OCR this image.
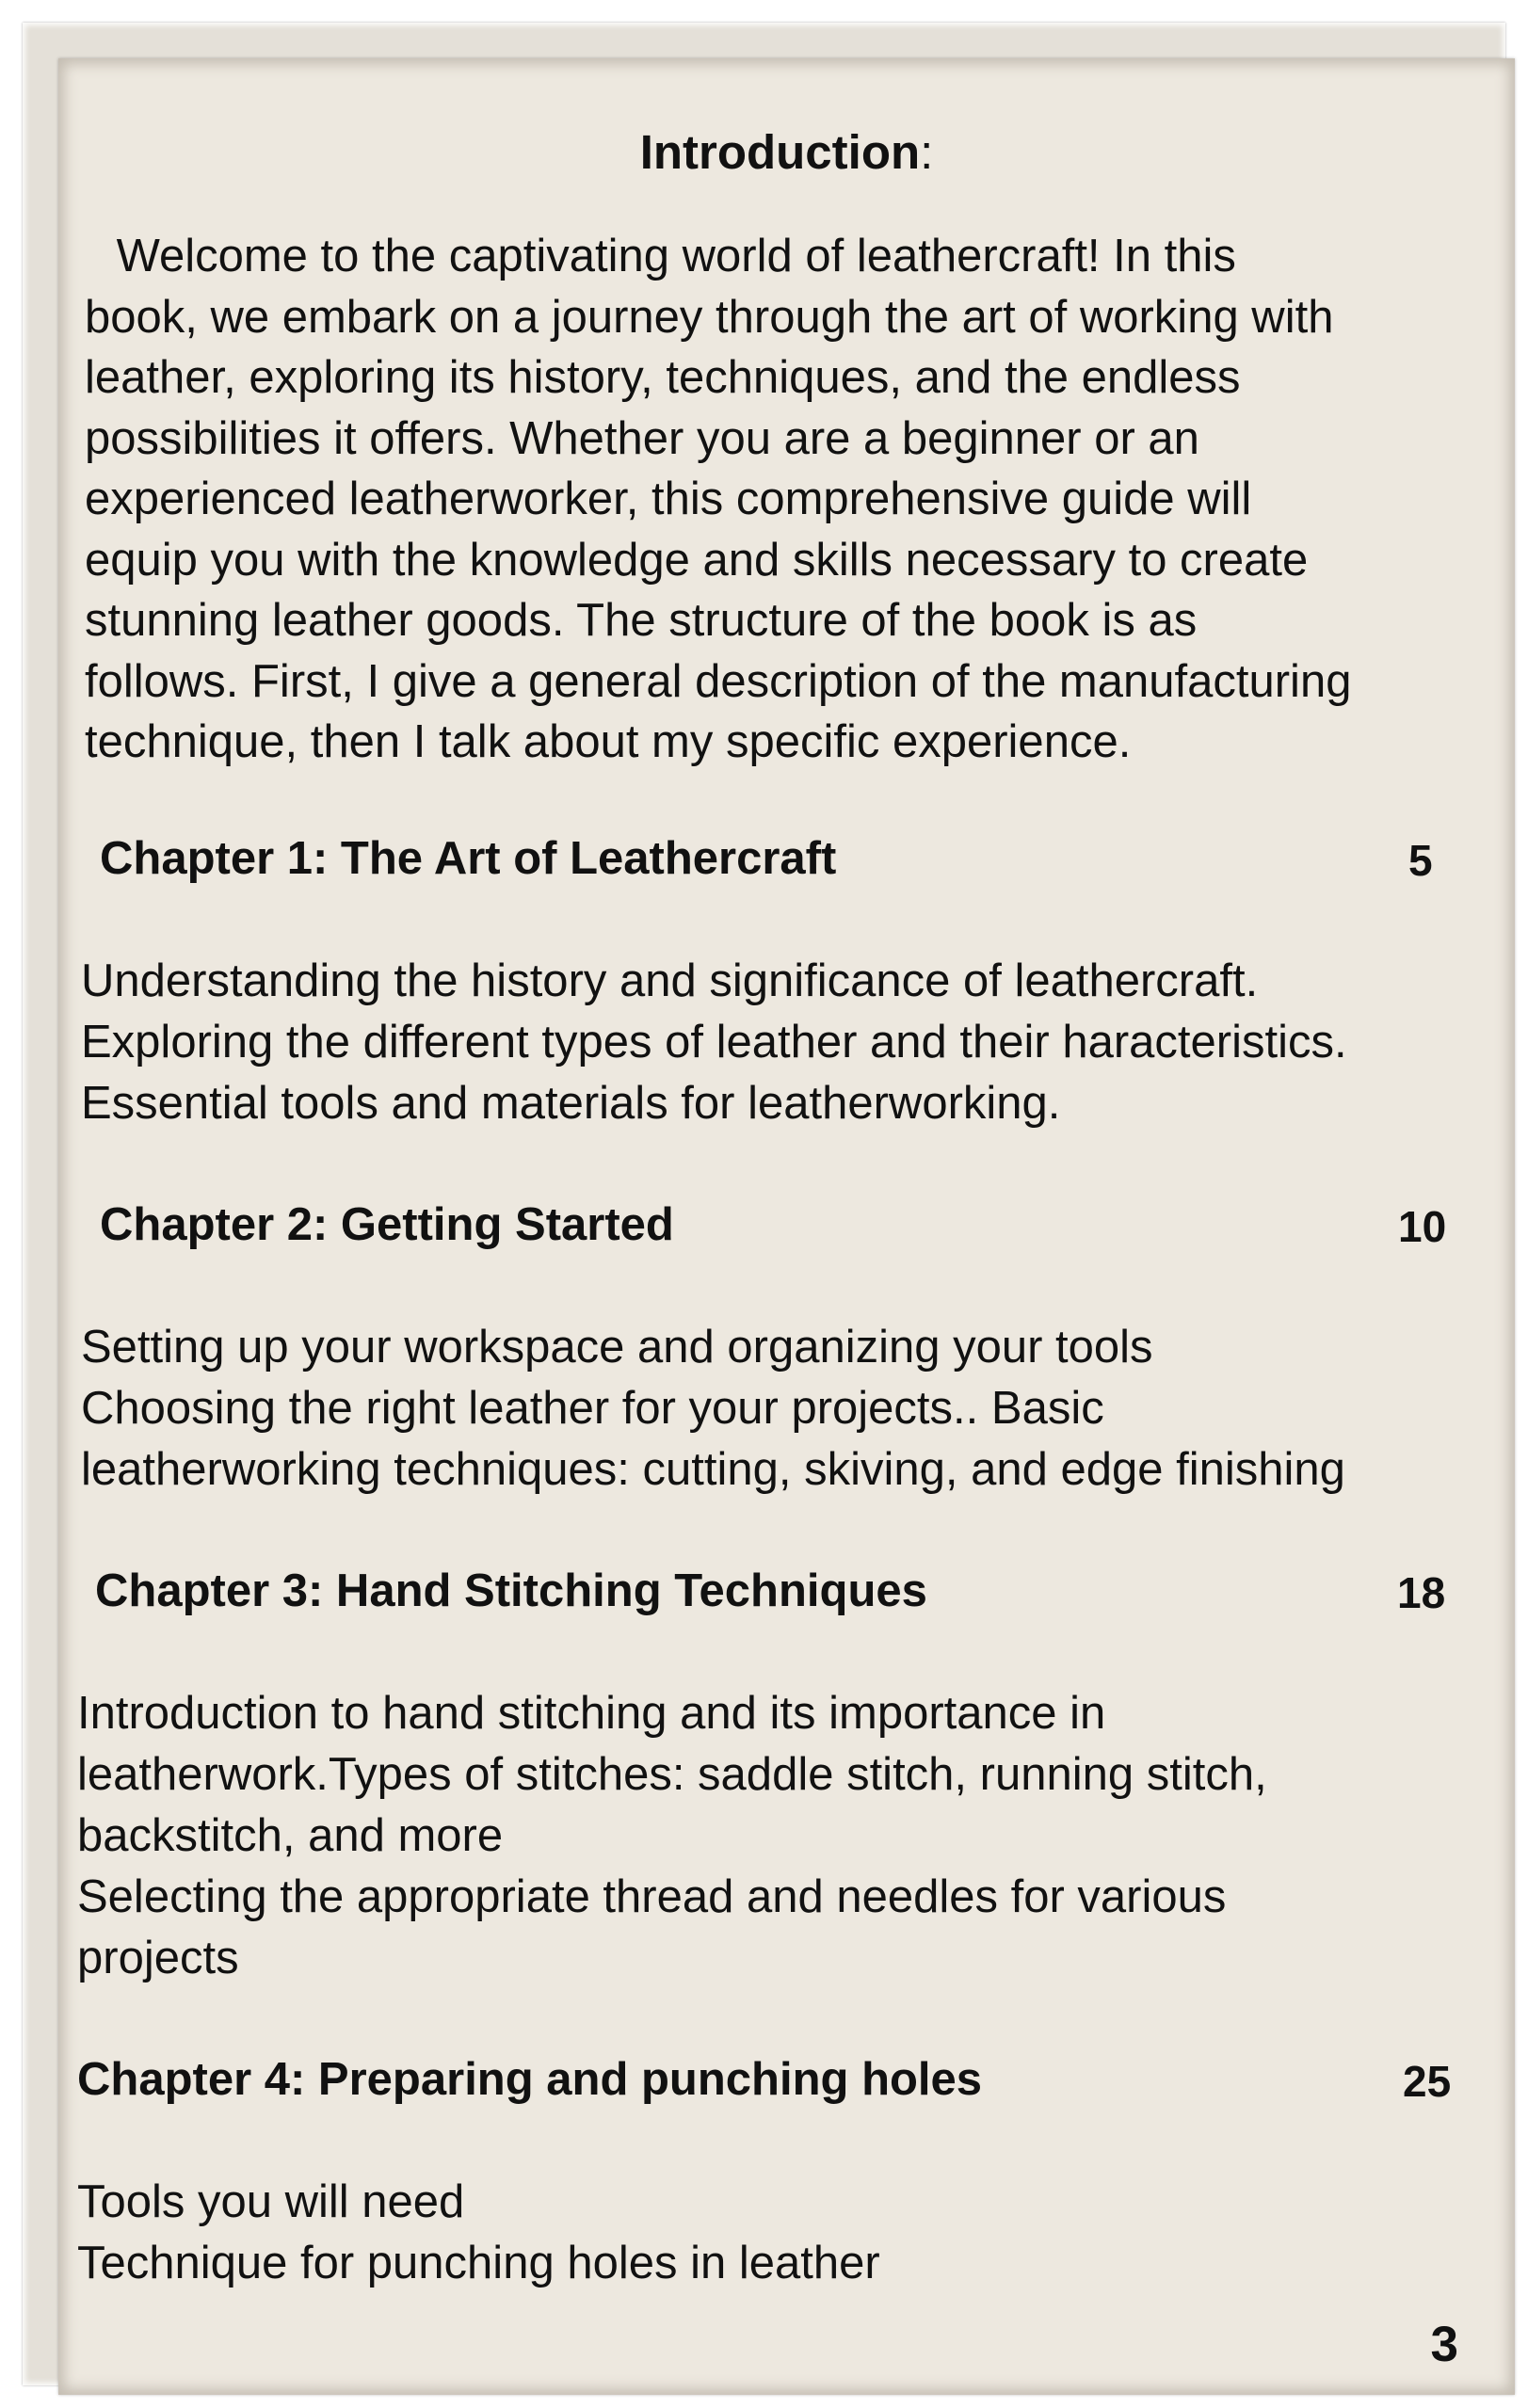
Introduction:
Welcome to the captivating world of leathercraft! In this
book, we embark on a journey through the art of working with
leather, exploring its history, techniques, and the endless
possibilities it offers. Whether you are a beginner or an
experienced leatherworker, this comprehensive guide will
equip you with the knowledge and skills necessary to create
stunning leather goods. The structure of the book is as
follows. First, I give a general description of the manufacturing
technique, then I talk about my specific experience.
Chapter 1: The Art of Leathercraft	5
Understanding the history and significance of leathercraft.
Exploring the different types of leather and their haracteristics.
Essential tools and materials for leatherworking.
Chapter 2: Getting Started	10
Setting up your workspace and organizing your tools
Choosing the right leather for your projects.. Basic
leatherworking techniques: cutting, skiving, and edge finishing
Chapter 3: Hand Stitching Techniques	18
Introduction to hand stitching and its importance in
leatherwork.Types of stitches: saddle stitch, running stitch,
backstitch, and more
Selecting the appropriate thread and needles for various
projects
Chapter 4: Preparing and punching holes	25
Tools you will need
Technique for punching holes in leather
3
